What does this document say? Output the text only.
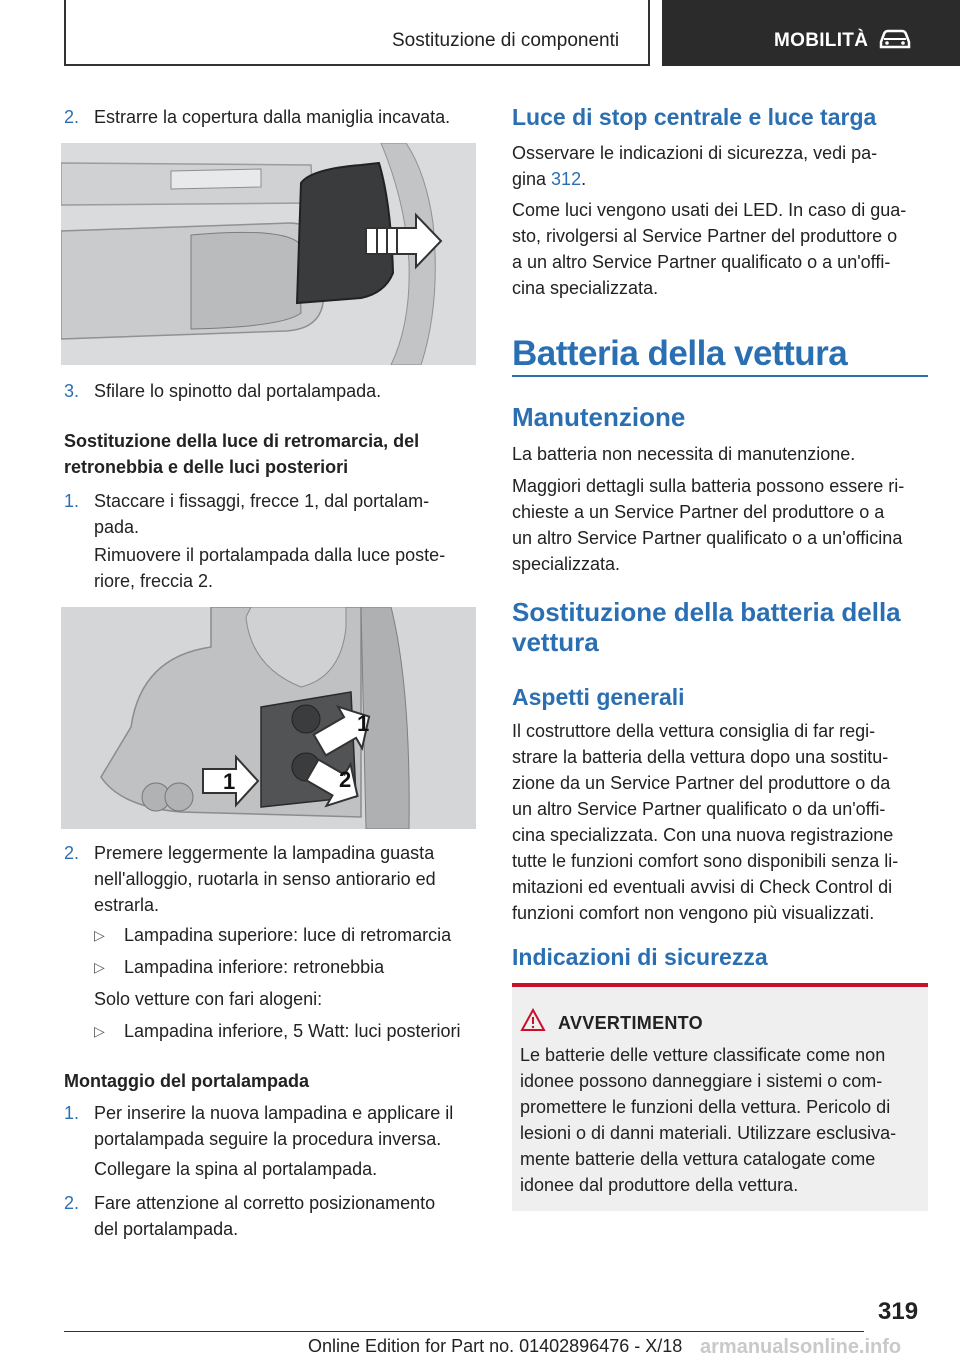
Sostituzione di componenti	MOBILITÀ
2. Estrarre la copertura dalla maniglia incavata.
3. Sfilare lo spinotto dal portalampada.
Sostituzione della luce di retromarcia, del
retronebbia e delle luci posteriori
1. Staccare i fissaggi, frecce 1, dal portalam-
pada.
Rimuovere il portalampada dalla luce poste-
riore, freccia 2.
1
1	2
2. Premere leggermente la lampadina guasta
nell'alloggio, ruotarla in senso antiorario ed
estrarla.
▷ Lampadina superiore: luce di retromarcia
▷ Lampadina inferiore: retronebbia
Solo vetture con fari alogeni:
▷ Lampadina inferiore, 5 Watt: luci posteriori
Montaggio del portalampada
1. Per inserire la nuova lampadina e applicare il
portalampada seguire la procedura inversa.
Collegare la spina al portalampada.
2. Fare attenzione al corretto posizionamento
del portalampada.
Luce di stop centrale e luce targa
Osservare le indicazioni di sicurezza, vedi pa-
gina 312.
Come luci vengono usati dei LED. In caso di gua-
sto, rivolgersi al Service Partner del produttore o
a un altro Service Partner qualificato o a un'offi-
cina specializzata.
Batteria della vettura
Manutenzione
La batteria non necessita di manutenzione.
Maggiori dettagli sulla batteria possono essere ri-
chieste a un Service Partner del produttore o a
un altro Service Partner qualificato o a un'officina
specializzata.
Sostituzione della batteria della
vettura
Aspetti generali
Il costruttore della vettura consiglia di far regi-
strare la batteria della vettura dopo una sostitu-
zione da un Service Partner del produttore o da
un altro Service Partner qualificato o da un'offi-
cina specializzata. Con una nuova registrazione
tutte le funzioni comfort sono disponibili senza li-
mitazioni ed eventuali avvisi di Check Control di
funzioni comfort non vengono più visualizzati.
Indicazioni di sicurezza
AVVERTIMENTO
Le batterie delle vetture classificate come non
idonee possono danneggiare i sistemi o com-
promettere le funzioni della vettura. Pericolo di
lesioni o di danni materiali. Utilizzare esclusiva-
mente batterie della vettura catalogate come
idonee dal produttore della vettura.
319
Online Edition for Part no. 01402896476 - X/18 armanualsonline.info
